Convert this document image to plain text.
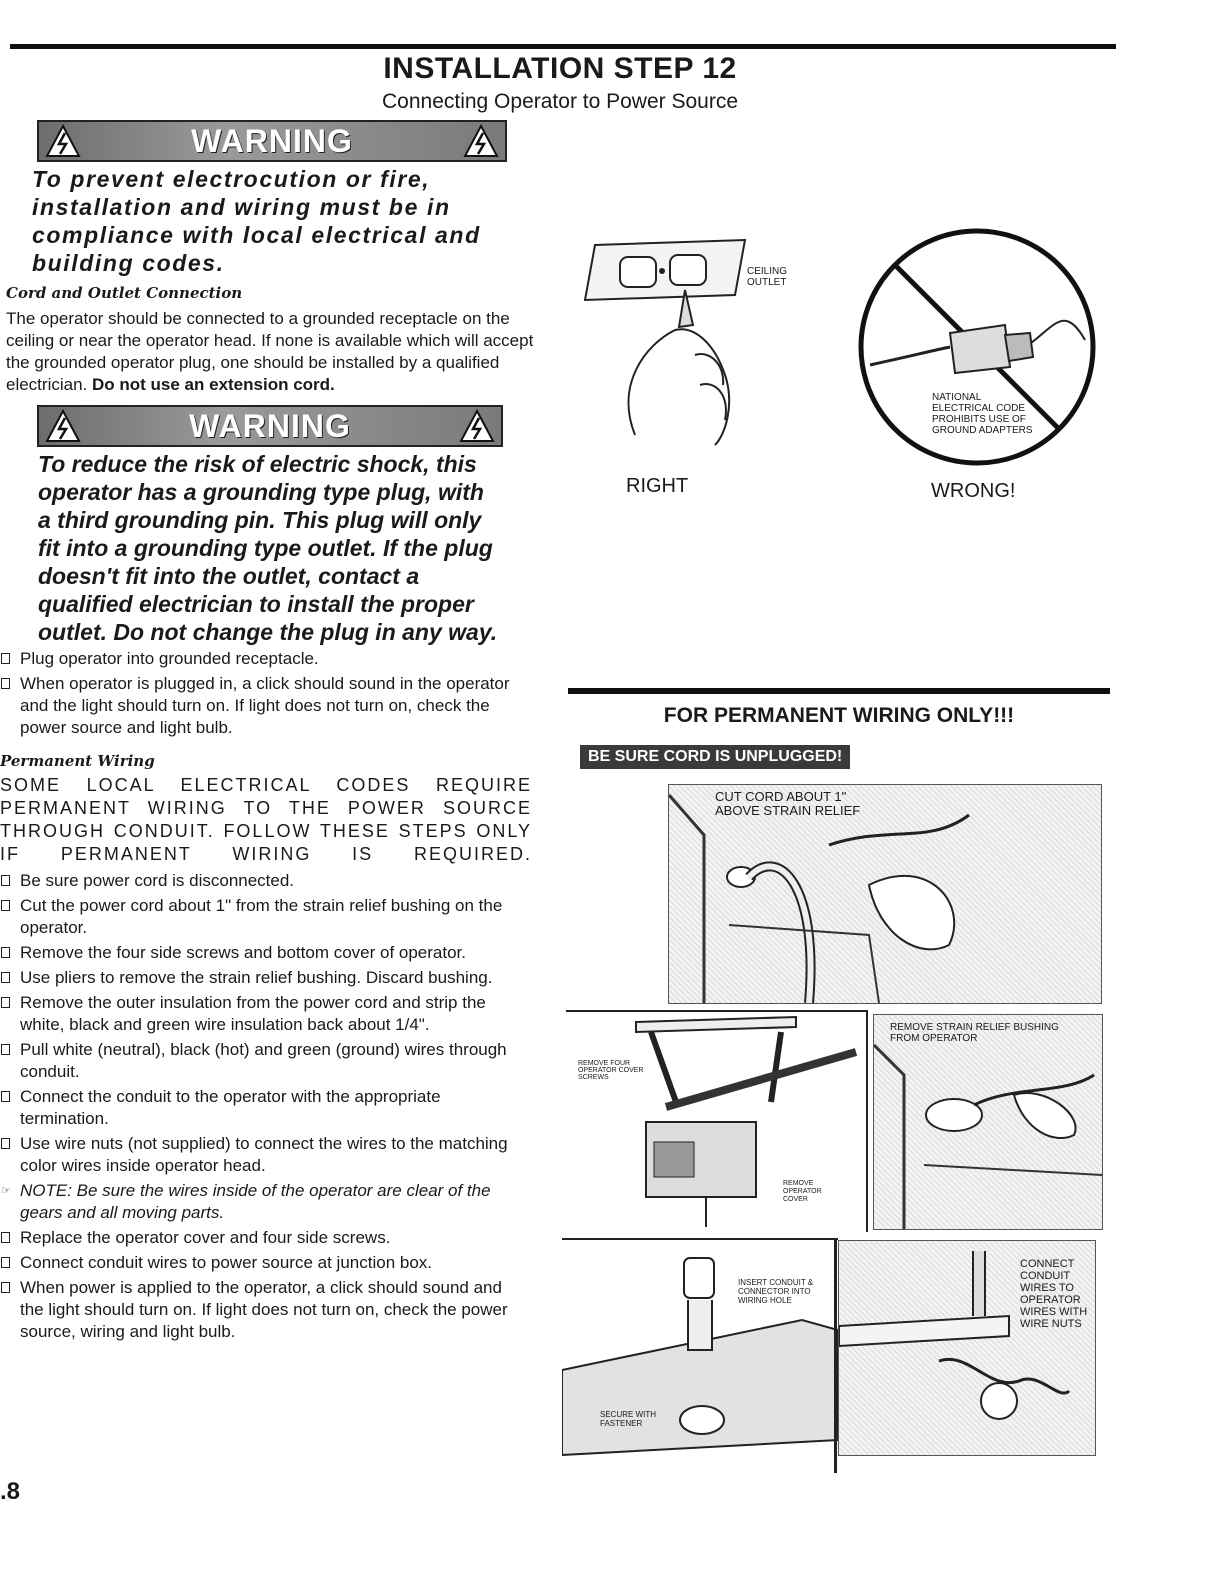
INSTALLATION STEP 12
Connecting Operator to Power Source
WARNING
To prevent electrocution or fire,
installation and wiring must be in
compliance with local electrical and
building codes.
Cord and Outlet Connection
The operator should be connected to a grounded receptacle on the ceiling or near the operator head. If none is available which will accept the grounded operator plug, one should be installed by a qualified electrician. Do not use an extension cord.
WARNING
To reduce the risk of electric shock, this
operator has a grounding type plug, with
a third grounding pin. This plug will only
fit into a grounding type outlet. If the plug
doesn't fit into the outlet, contact a
qualified electrician to install the proper
outlet. Do not change the plug in any way.
Plug operator into grounded receptacle.
When operator is plugged in, a click should sound in the operator and the light should turn on. If light does not turn on, check the power source and light bulb.
Permanent Wiring
SOME LOCAL ELECTRICAL CODES REQUIRE PERMANENT WIRING TO THE POWER SOURCE THROUGH CONDUIT. FOLLOW THESE STEPS ONLY IF PERMANENT WIRING IS REQUIRED.
Be sure power cord is disconnected.
Cut the power cord about 1" from the strain relief bushing on the operator.
Remove the four side screws and bottom cover of operator.
Use pliers to remove the strain relief bushing. Discard bushing.
Remove the outer insulation from the power cord and strip the white, black and green wire insulation back about 1/4".
Pull white (neutral), black (hot) and green (ground) wires through conduit.
Connect the conduit to the operator with the appropriate termination.
Use wire nuts (not supplied) to connect the wires to the matching color wires inside operator head.
☞ NOTE: Be sure the wires inside of the operator are clear of the gears and all moving parts.
Replace the operator cover and four side screws.
Connect conduit wires to power source at junction box.
When power is applied to the operator, a click should sound and the light should turn on. If light does not turn on, check the power source, wiring and light bulb.
.8
CEILING OUTLET
RIGHT
NATIONAL ELECTRICAL CODE PROHIBITS USE OF GROUND ADAPTERS
WRONG!
FOR PERMANENT WIRING ONLY!!!
BE SURE CORD IS UNPLUGGED!
CUT CORD ABOUT 1" ABOVE STRAIN RELIEF
REMOVE FOUR OPERATOR COVER SCREWS
REMOVE OPERATOR COVER
REMOVE STRAIN RELIEF BUSHING FROM OPERATOR
INSERT CONDUIT & CONNECTOR INTO WIRING HOLE
SECURE WITH FASTENER
CONNECT CONDUIT WIRES TO OPERATOR WIRES WITH WIRE NUTS
